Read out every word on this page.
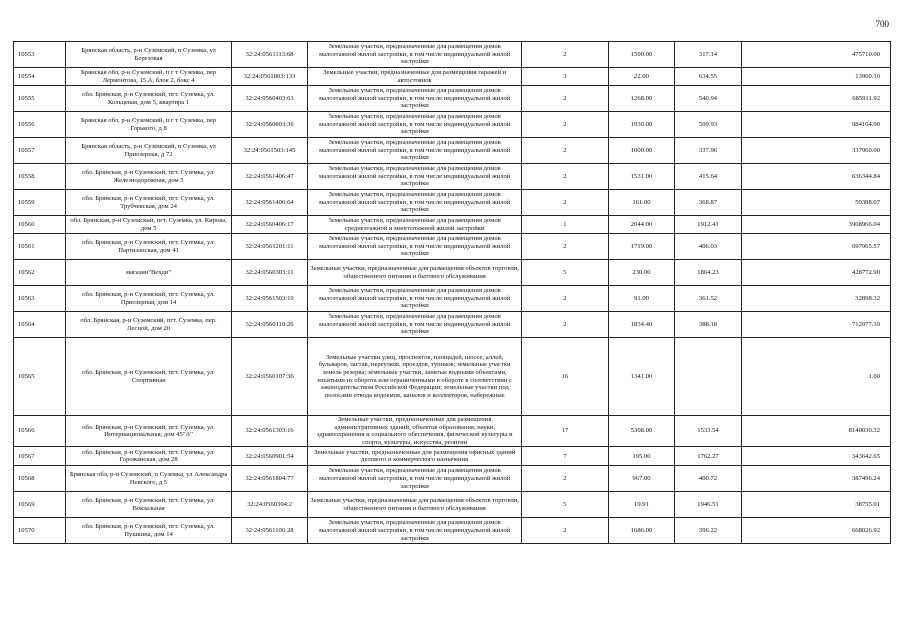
700
10553	Брянская область, р-н Суземский, п Суземка, ул Березовая	32:24:0561113:68	Земельные участки, предназначенные для размещения домов малоэтажной жилой застройки, в том числе индивидуальной жилой застройки	2	1500.00	317.14	475710.00
10554	Брянская обл, р-н Суземский, п г т Суземка, пер Лермонтова, 15 А, блок 2, бокс 4	32:24:0561803:133	Земельные участки, предназначенные для размещения гаражей и автостоянок	3	22.00	634.55	13960.10
10555	обл. Брянская, р-н Суземский, пгт. Суземка, ул. Кольцевая, дом 5, квартира 1	32:24:0560403:63	Земельные участки, предназначенные для размещения домов малоэтажной жилой застройки, в том числе индивидуальной жилой застройки	2	1268.00	540.94	685911.92
10556	Брянская обл, р-н Суземский, п г т Суземка, пер Горького, д 8	32:24:0560803:36	Земельные участки, предназначенные для размещения домов малоэтажной жилой застройки, в том числе индивидуальной жилой застройки	2	1930.00	509.93	984164.90
10557	Брянская область, р-н Суземский, п Суземка, ул Приозерная, д 72	32:24:0561503:145	Земельные участки, предназначенные для размещения домов малоэтажной жилой застройки, в том числе индивидуальной жилой застройки	2	1000.00	337.96	337960.00
10558	обл. Брянская, р-н Суземский, пгт. Суземка, ул. Железнодорожная, дом 5	32:24:0561406:47	Земельные участки, предназначенные для размещения домов малоэтажной жилой застройки, в том числе индивидуальной жилой застройки	2	1531.00	415.64	636344.84
10559	обл. Брянская, р-н Суземский, пгт. Суземка, ул. Трубчевская, дом 24	32:24:0561406:64	Земельные участки, предназначенные для размещения домов малоэтажной жилой застройки, в том числе индивидуальной жилой застройки	2	161.00	368.87	59388.07
10560	обл. Брянская, р-н Суземский, пгт. Суземка, ул. Кирова, дом 5	32:24:0560406:17	Земельные участки, предназначенные для размещения домов среднеэтажной и многоэтажной жилой застройки	1	2044.00	1912.41	3908966.04
10561	обл. Брянская, р-н Суземский, пгт. Суземка, ул. Партизанская, дом 41	32:24:0561201:11	Земельные участки, предназначенные для размещения домов малоэтажной жилой застройки, в том числе индивидуальной жилой застройки	2	1719.00	406.03	697965.57
10562	магазин"Вехди"	32:24:0560303:11	Земельные участки, предназначенные для размещения объектов торговли, общественного питания и бытового обслуживания	5	230.00	1864.23	428772.90
10563	обл. Брянская, р-н Суземский, пгт. Суземка, ул. Приозерная, дом 14	32:24:0561503:19	Земельные участки, предназначенные для размещения домов малоэтажной жилой застройки, в том числе индивидуальной жилой застройки	2	91.00	361.52	32898.32
10564	обл. Брянская, р-н Суземский, пгт. Суземка, пер. Лесной, дом 20	32:24:0560110:26	Земельные участки, предназначенные для размещения домов малоэтажной жилой застройки, в том числе индивидуальной жилой застройки	2	1834.40	388.18	712077.39
10565	обл. Брянская, р-н Суземский, пгт. Суземка, ул. Спортивная	32:24:0560107:36	Земельные участки улиц, проспектов, площадей, шоссе, аллей, бульваров, застав, переулков, проездов, тупиков; земельные участки земель резерва; земельные участки, занятые водными объектами, изъятыми из оборота или ограниченными в обороте в соответствии с законодательством Российской Федерации; земельные участки под полосами отвода водоемов, каналов и коллекторов, набережные	16	1341.00		1.00
10566	обл. Брянская, р-н Суземский, пгт. Суземка, ул. Интернациональная, дом 45"А"	32:24:0561303:16	Земельные участки, предназначенные для размещения административных зданий, объектов образования, науки, здравоохранения и социального обеспечения, физической культуры и спорта, культуры, искусства, религии	17	5308.00	1533.54	8140030.32
10567	обл. Брянская, р-н Суземский, пгт. Суземка, ул. Горожанская, дом 28	32:24:0560901:54	Земельные участки, предназначенные для размещения офисных зданий делового и коммерческого назначения	7	195.00	1762.27	343642.65
10568	Брянская обл, р-н Суземский, п Суземка, ул Александра Невского, д 5	32:24:0561804:77	Земельные участки, предназначенные для размещения домов малоэтажной жилой застройки, в том числе индивидуальной жилой застройки	2	967.00	400.72	387496.24
10569	обл. Брянская, р-н Суземский, пгт. Суземка, ул. Вокзальная	32:24:0560304:2	Земельные участки, предназначенные для размещения объектов торговли, общественного питания и бытового обслуживания	5	19.91	1946.51	38755.01
10570	обл. Брянская, р-н Суземский, пгт. Суземка, ул. Пушкина, дом 14	32:24:0561106:28	Земельные участки, предназначенные для размещения домов малоэтажной жилой застройки, в том числе индивидуальной жилой застройки	2	1686.00	396.22	668026.92
